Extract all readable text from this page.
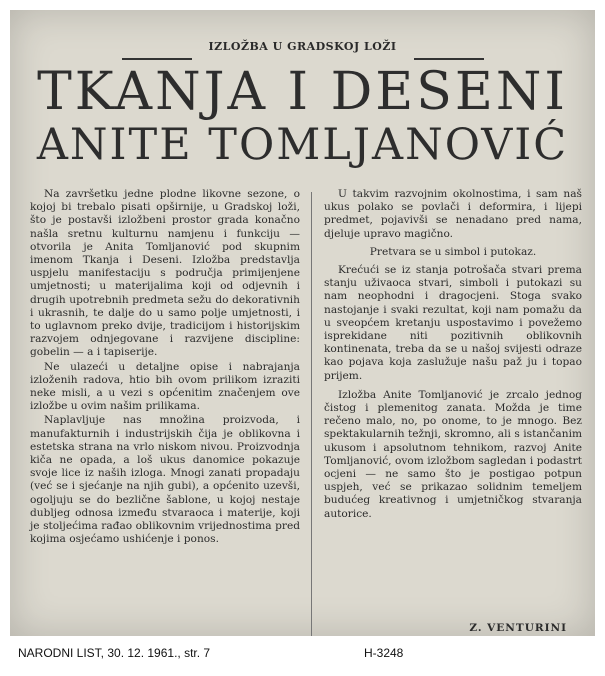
IZLOŽBA U GRADSKOJ LOŽI
TKANJA I DESENI
ANITE TOMLJANOVIĆ

Na završetku jedne plodne likovne sezone, o kojoj bi trebalo pisati opširnije, u Gradskoj loži, što je postavši izložbeni prostor grada konačno našla sretnu kulturnu namjenu i funkciju — otvorila je Anita Tomljanović pod skupnim imenom Tkanja i Deseni. Izložba predstavlja uspjelu manifestaciju s područja primijenjene umjetnosti; u materijalima koji od odjevnih i drugih upotrebnih predmeta sežu do dekorativnih i ukrasnih, te dalje do u samo polje umjetnosti, i to uglavnom preko dvije, tradicijom i historijskim razvojem odnjegovane i razvijene discipline: gobelin — a i tapiserije.

Ne ulazeći u detaljne opise i nabrajanja izloženih radova, htio bih ovom prilikom izraziti neke misli, a u vezi s općenitim značenjem ove izložbe u ovim našim prilikama.

Naplavljuje nas množina proizvoda, i manufakturnih i industrijskih čija je oblikovna i estetska strana na vrlo niskom nivou. Proizvodnja kiča ne opada, a loš ukus danomice pokazuje svoje lice iz naših izloga. Mnogi zanati propadaju (već se i sjećanje na njih gubi), a općenito uzevši, ogoljuju se do bezlične šablone, u kojoj nestaje dubljeg odnosa između stvaraoca i materije, koji je stoljećima rađao oblikovnim vrijednostima pred kojima osjećamo ushićenje i ponos.

U takvim razvojnim okolnostima, i sam naš ukus polako se povlači i deformira, i lijepi predmet, pojavivši se nenadano pred nama, djeluje upravo magično.

Pretvara se u simbol i putokaz.

Krećući se iz stanja potrošača stvari prema stanju uživaoca stvari, simboli i putokazi su nam neophodni i dragocjeni. Stoga svako nastojanje i svaki rezultat, koji nam pomažu da u sveopćem kretanju uspostavimo i povežemo isprekidane niti pozitivnih oblikovnih kontinenata, treba da se u našoj svijesti odraze kao pojava koja zaslužuje našu paž ju i topao prijem.

Izložba Anite Tomljanović je zrcalo jednog čistog i plemenitog zanata. Možda je time rečeno malo, no, po onome, to je mnogo. Bez spektakularnih težnji, skromno, ali s istančanim ukusom i apsolutnom tehnikom, razvoj Anite Tomljanović, ovom izložbom sagledan i podastrt ocjeni — ne samo što je postigao potpun uspjeh, već se prikazao solidnim temeljem budućeg kreativnog i umjetničkog stvaranja autorice.

Z. VENTURINI
NARODNI LIST, 30. 12. 1961., str. 7	H-3248
